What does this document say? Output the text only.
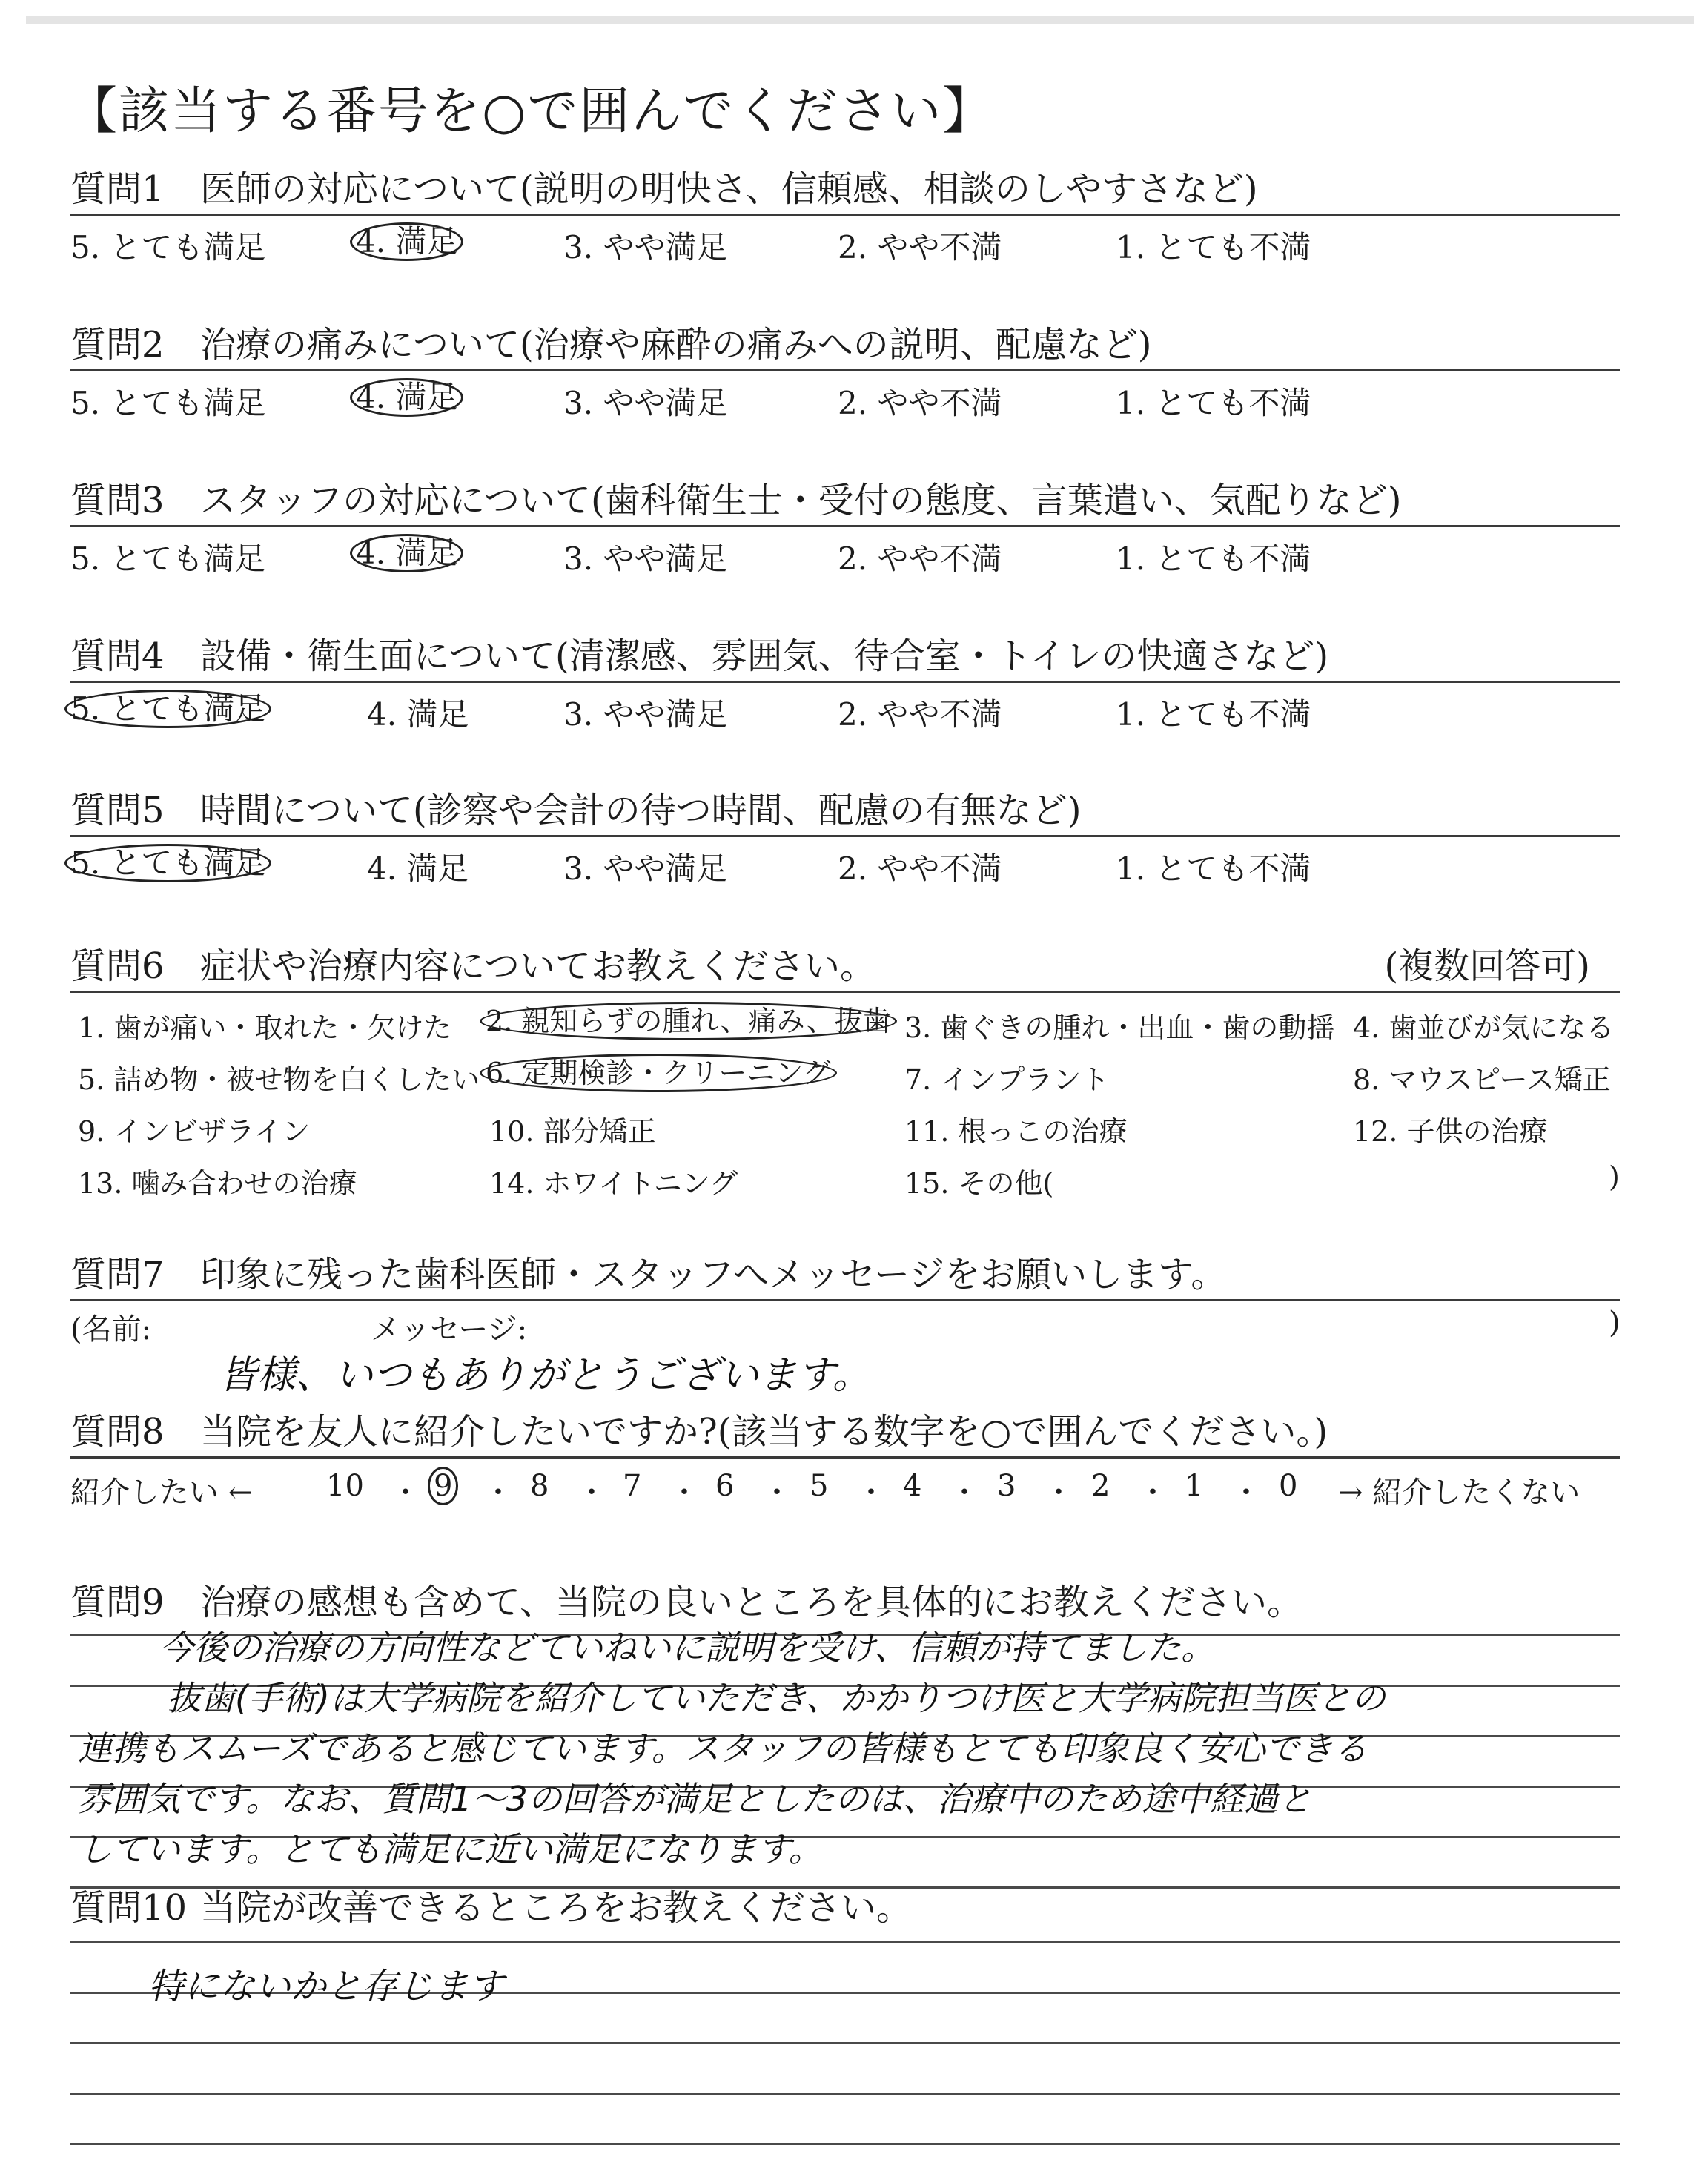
【該当する番号を○で囲んでください】
質問1 医師の対応について(説明の明快さ、信頼感、相談のしやすさなど)
5. とても満足	4. 満足	3. やや満足	2. やや不満	1. とても不満
質問2 治療の痛みについて(治療や麻酔の痛みへの説明、配慮など)
5. とても満足	4. 満足	3. やや満足	2. やや不満	1. とても不満
質問3 スタッフの対応について(歯科衛生士・受付の態度、言葉遣い、気配りなど)
5. とても満足	4. 満足	3. やや満足	2. やや不満	1. とても不満
質問4 設備・衛生面について(清潔感、雰囲気、待合室・トイレの快適さなど)
5. とても満足	4. 満足	3. やや満足	2. やや不満	1. とても不満
質問5 時間について(診察や会計の待つ時間、配慮の有無など)
5. とても満足	4. 満足	3. やや満足	2. やや不満	1. とても不満
質問6 症状や治療内容についてお教えください。	(複数回答可)
1. 歯が痛い・取れた・欠けた 2. 親知らずの腫れ、痛み、抜歯 3. 歯ぐきの腫れ・出血・歯の動揺 4. 歯並びが気になる
5. 詰め物・被せ物を白くしたい 6. 定期検診・クリーニング	7. インプラント	8. マウスピース矯正
9. インビザライン	10. 部分矯正	11. 根っこの治療	12. 子供の治療
13. 噛み合わせの治療	14. ホワイトニング	15. その他(	)
質問7 印象に残った歯科医師・スタッフへメッセージをお願いします。
(名前:	メッセージ:	)
皆様、いつもありがとうございます。
質問8 当院を友人に紹介したいですか?(該当する数字を○で囲んでください。)
紹介したい ← 10 ・ 9 ・ 8 ・ 7 ・ 6 ・ 5 ・ 4 ・ 3 ・ 2 ・ 1 ・ 0 → 紹介したくない
質問9 治療の感想も含めて、当院の良いところを具体的にお教えください。
今後の治療の方向性などていねいに説明を受け、信頼が持てました。
抜歯(手術)は大学病院を紹介していただき、かかりつけ医と大学病院担当医との
連携もスムーズであると感じています。スタッフの皆様もとても印象良く安心できる
雰囲気です。なお、質問1〜3の回答が満足としたのは、治療中のため途中経過と
しています。とても満足に近い満足になります。
質問10 当院が改善できるところをお教えください。
特にないかと存じます
